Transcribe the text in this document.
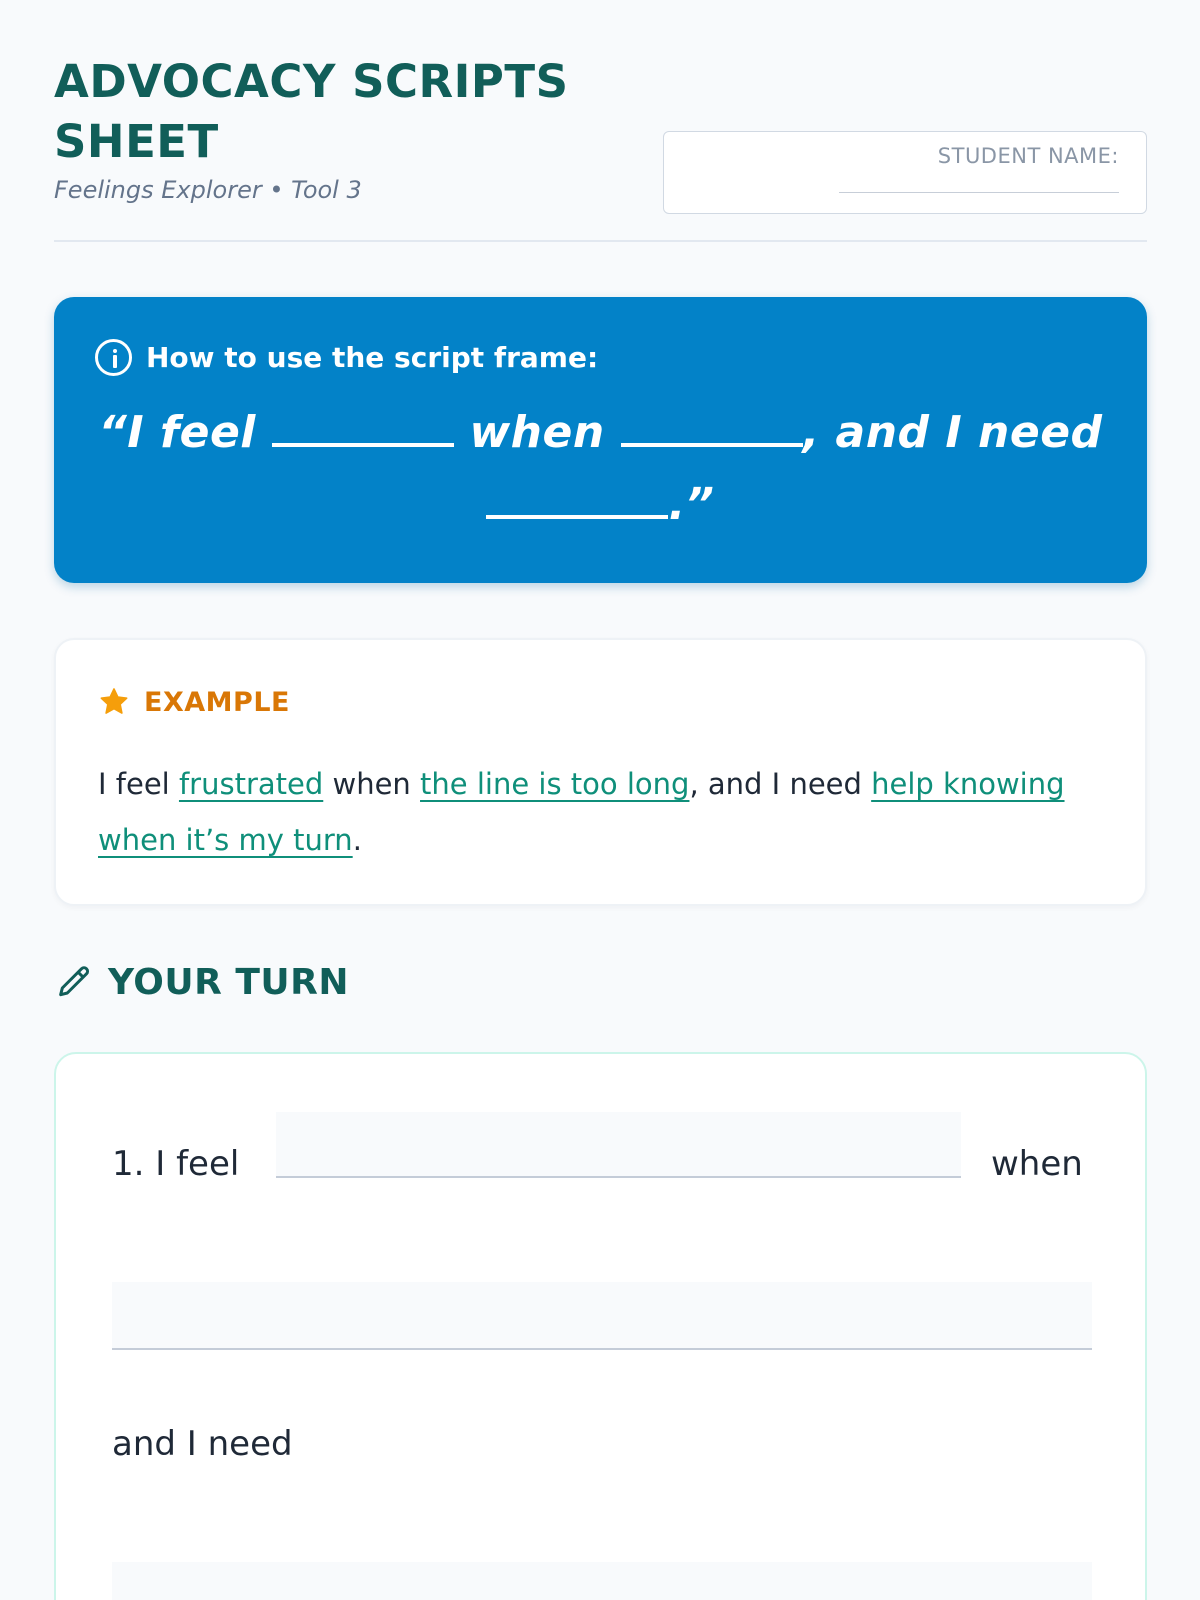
ADVOCACY SCRIPTS SHEET
Feelings Explorer • Tool 3
STUDENT NAME:
How to use the script frame:
“I feel	when	, and I need
.”
EXAMPLE

I feel frustrated when the line is too long, and I need help knowing when it’s my turn.

YOUR TURN
1. I feel	when
and I need
